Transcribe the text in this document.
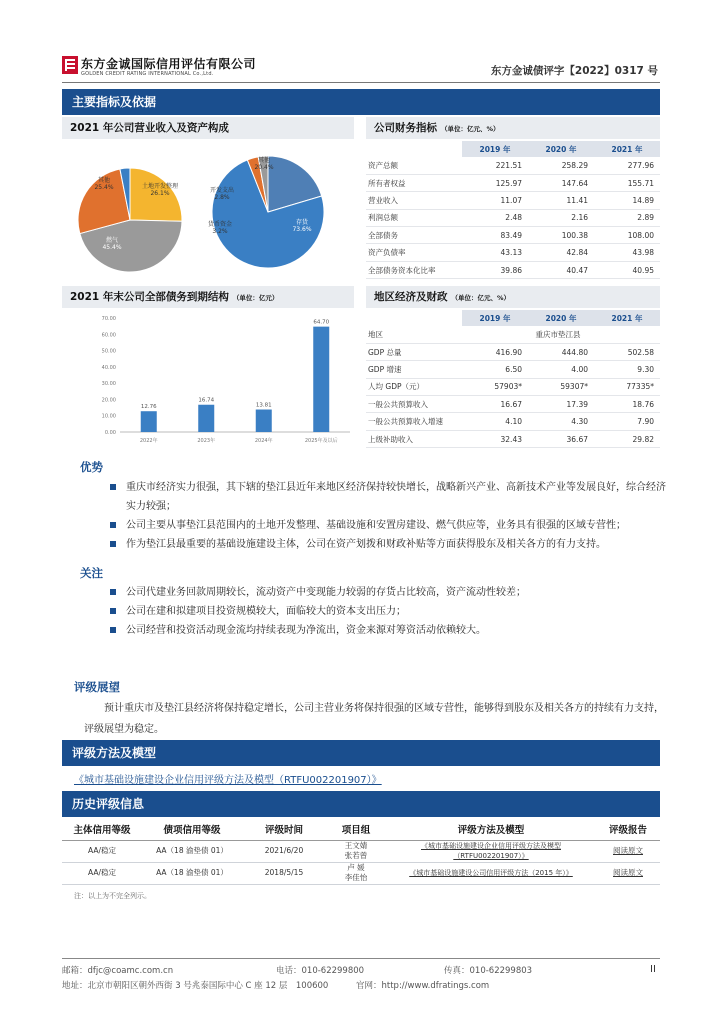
东方金诚国际信用评估有限公司
GOLDEN CREDIT RATING INTERNATIONAL Co.,Ltd.	东方金诚债评字【2022】0317 号
主要指标及依据
2021 年公司营业收入及资产构成
其他
25.4%
燃气
45.4%
土地开发整理
26.1%
基础设施
3.1%	其他
20.4%
存货
73.6%
货币资金
3.2%
开发支出
2.8%
公司财务指标 （单位：亿元、%）
	2019 年	2020 年	2021 年
资产总额	221.51	258.29	277.96
所有者权益	125.97	147.64	155.71
营业收入	11.07	11.41	14.89
利润总额	2.48	2.16	2.89
全部债务	83.49	100.38	108.00
资产负债率	43.13	42.84	43.98
全部债务资本化比率	39.86	40.47	40.95
2021 年末公司全部债务到期结构 （单位：亿元）
70.00
60.00
50.00
40.00
30.00
20.00
10.00
0.00
12.76
2022年
16.74
2023年
13.81
2024年
64.70
2025年及以后
地区经济及财政 （单位：亿元、%）
	2019 年	2020 年	2021 年
地区	重庆市垫江县		
GDP 总量	416.90	444.80	502.58
GDP 增速	6.50	4.00	9.30
人均 GDP（元）	57903*	59307*	77335*
一般公共预算收入	16.67	17.39	18.76
一般公共预算收入增速	4.10	4.30	7.90
上级补助收入	32.43	36.67	29.82
优势
重庆市经济实力很强，其下辖的垫江县近年来地区经济保持较快增长，战略新兴产业、高新技术产业等发展良好，综合经济实力较强；
公司主要从事垫江县范围内的土地开发整理、基础设施和安置房建设、燃气供应等，业务具有很强的区域专营性；
作为垫江县最重要的基础设施建设主体，公司在资产划拨和财政补贴等方面获得股东及相关各方的有力支持。
关注
公司代建业务回款周期较长，流动资产中变现能力较弱的存货占比较高，资产流动性较差；
公司在建和拟建项目投资规模较大，面临较大的资本支出压力；
公司经营和投资活动现金流均持续表现为净流出，资金来源对筹资活动依赖较大。
评级展望
预计重庆市及垫江县经济将保持稳定增长，公司主营业务将保持很强的区域专营性，能够得到股东及相关各方的持续有力支持，评级展望为稳定。
评级方法及模型
《城市基础设施建设企业信用评级方法及模型（RTFU002201907）》
历史评级信息
主体信用等级	债项信用等级	评级时间	项目组	评级方法及模型	评级报告
AA/稳定	AA（18 渝垫债 01）	2021/6/20	王文婧
张若曾	《城市基础设施建设企业信用评级方法及模型（RTFU002201907）》	阅读原文
AA/稳定	AA（18 渝垫债 01）	2018/5/15	卢 媛
李佳怡	《城市基础设施建设公司信用评级方法（2015 年）》	阅读原文
注：以上为不完全列示。
邮箱：dfjc@coamc.com.cn	电话：010-62299800	传真：010-62299803	II
地址：北京市朝阳区朝外西街 3 号兆泰国际中心 C 座 12 层　100600	官网：http://www.dfratings.com
